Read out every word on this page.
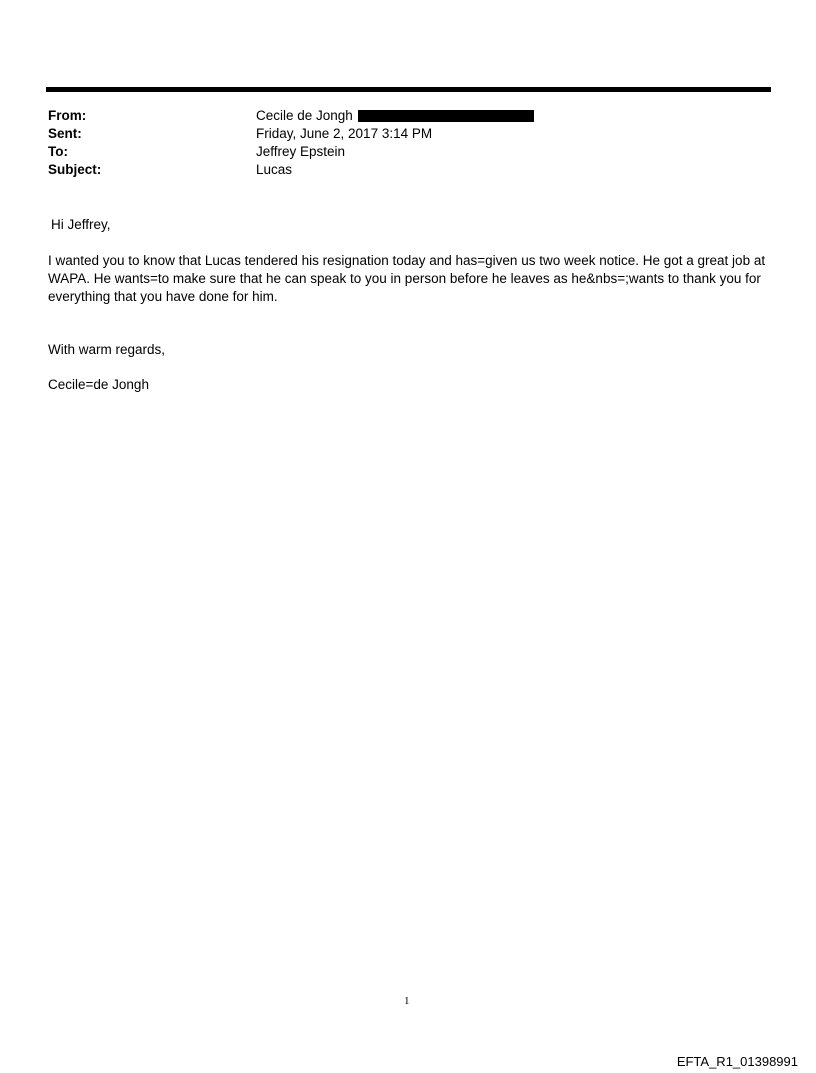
From:	Cecile de Jongh
Sent:	Friday, June 2, 2017 3:14 PM
To:	Jeffrey Epstein
Subject:	Lucas
Hi Jeffrey,
I wanted you to know that Lucas tendered his resignation today and has=given us two week notice. He got a great job at WAPA. He wants=to make sure that he can speak to you in person before he leaves as he&nbs=;wants to thank you for everything that you have done for him.
With warm regards,
Cecile=de Jongh
1
EFTA_R1_01398991
